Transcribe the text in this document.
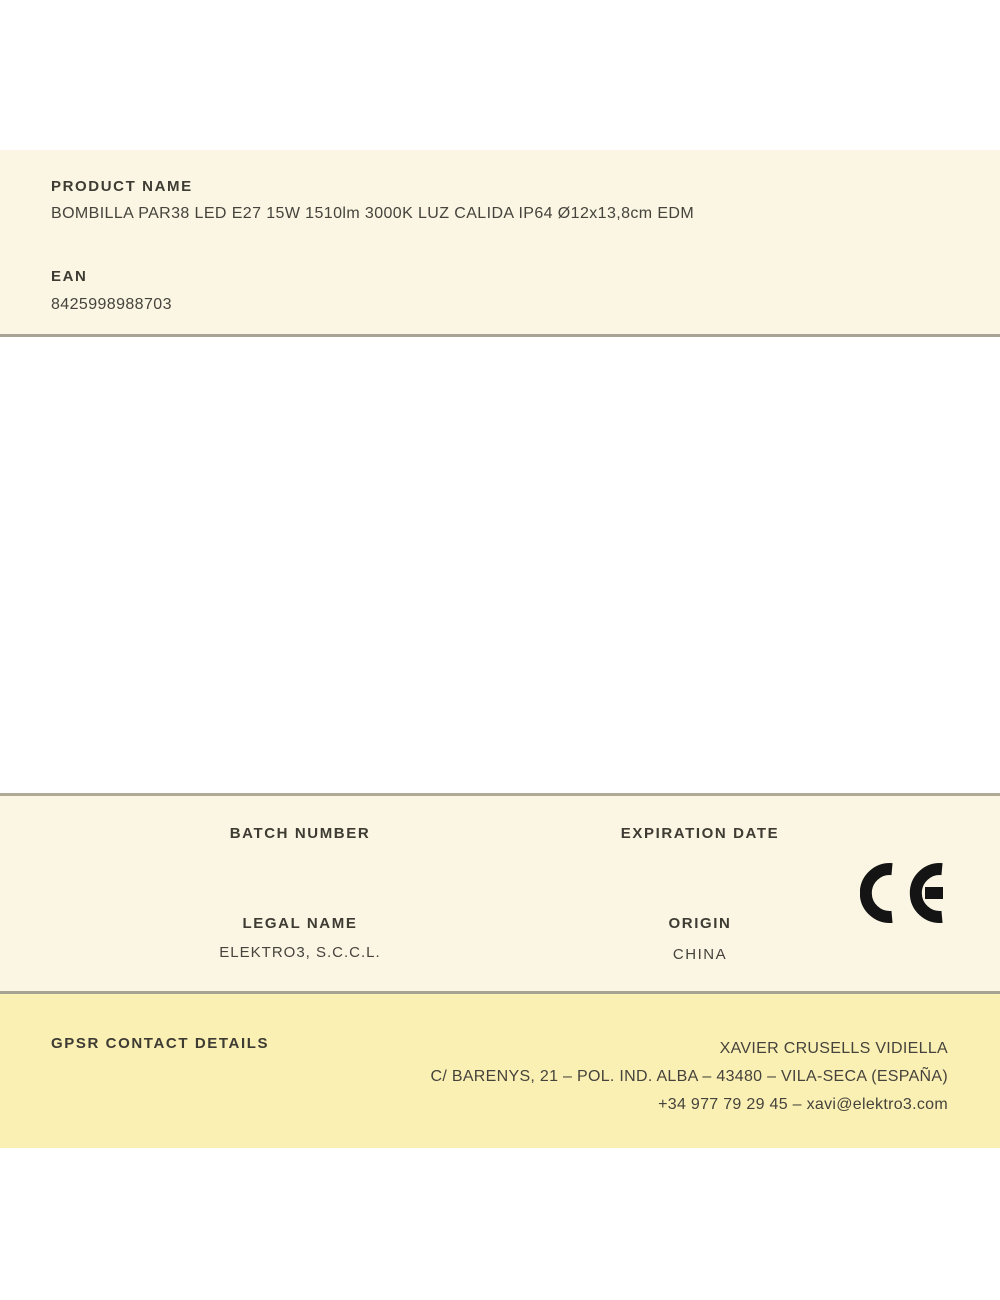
PRODUCT NAME
BOMBILLA PAR38 LED E27 15W 1510lm 3000K LUZ CALIDA IP64 Ø12x13,8cm EDM
EAN
8425998988703
BATCH NUMBER
LEGAL NAME
ELEKTRO3, S.C.C.L.
EXPIRATION DATE
ORIGIN
CHINA
GPSR CONTACT DETAILS	XAVIER CRUSELLS VIDIELLA
C/ BARENYS, 21 – POL. IND. ALBA – 43480 – VILA-SECA (ESPAÑA)
+34 977 79 29 45 – xavi@elektro3.com
